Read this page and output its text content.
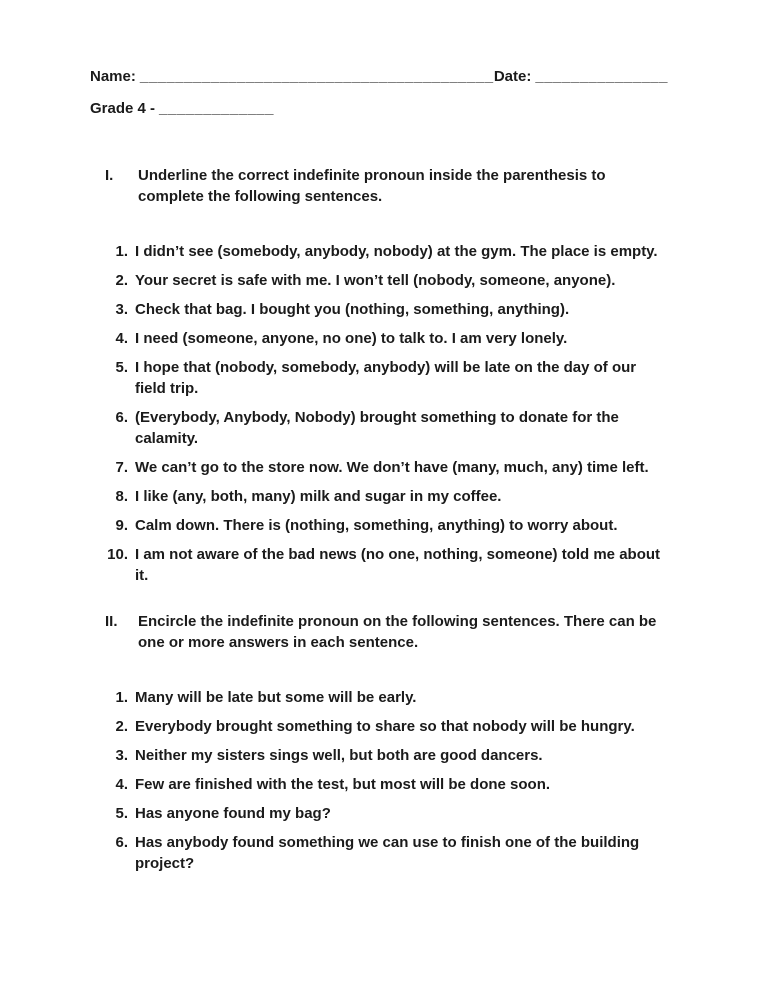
Name: ________________________________________ Date: _______________
Grade 4 - _____________
I.	Underline the correct indefinite pronoun inside the parenthesis to complete the following sentences.

1. I didn’t see (somebody, anybody, nobody) at the gym. The place is empty.
2. Your secret is safe with me. I won’t tell (nobody, someone, anyone).
3. Check that bag. I bought you (nothing, something, anything).
4. I need (someone, anyone, no one) to talk to. I am very lonely.
5. I hope that (nobody, somebody, anybody) will be late on the day of our field trip.
6. (Everybody, Anybody, Nobody) brought something to donate for the calamity.
7. We can’t go to the store now. We don’t have (many, much, any) time left.
8. I like (any, both, many) milk and sugar in my coffee.
9. Calm down. There is (nothing, something, anything) to worry about.
10. I am not aware of the bad news (no one, nothing, someone) told me about it.
II.	Encircle the indefinite pronoun on the following sentences. There can be one or more answers in each sentence.

1. Many will be late but some will be early.
2. Everybody brought something to share so that nobody will be hungry.
3. Neither my sisters sings well, but both are good dancers.
4. Few are finished with the test, but most will be done soon.
5. Has anyone found my bag?
6. Has anybody found something we can use to finish one of the building project?
